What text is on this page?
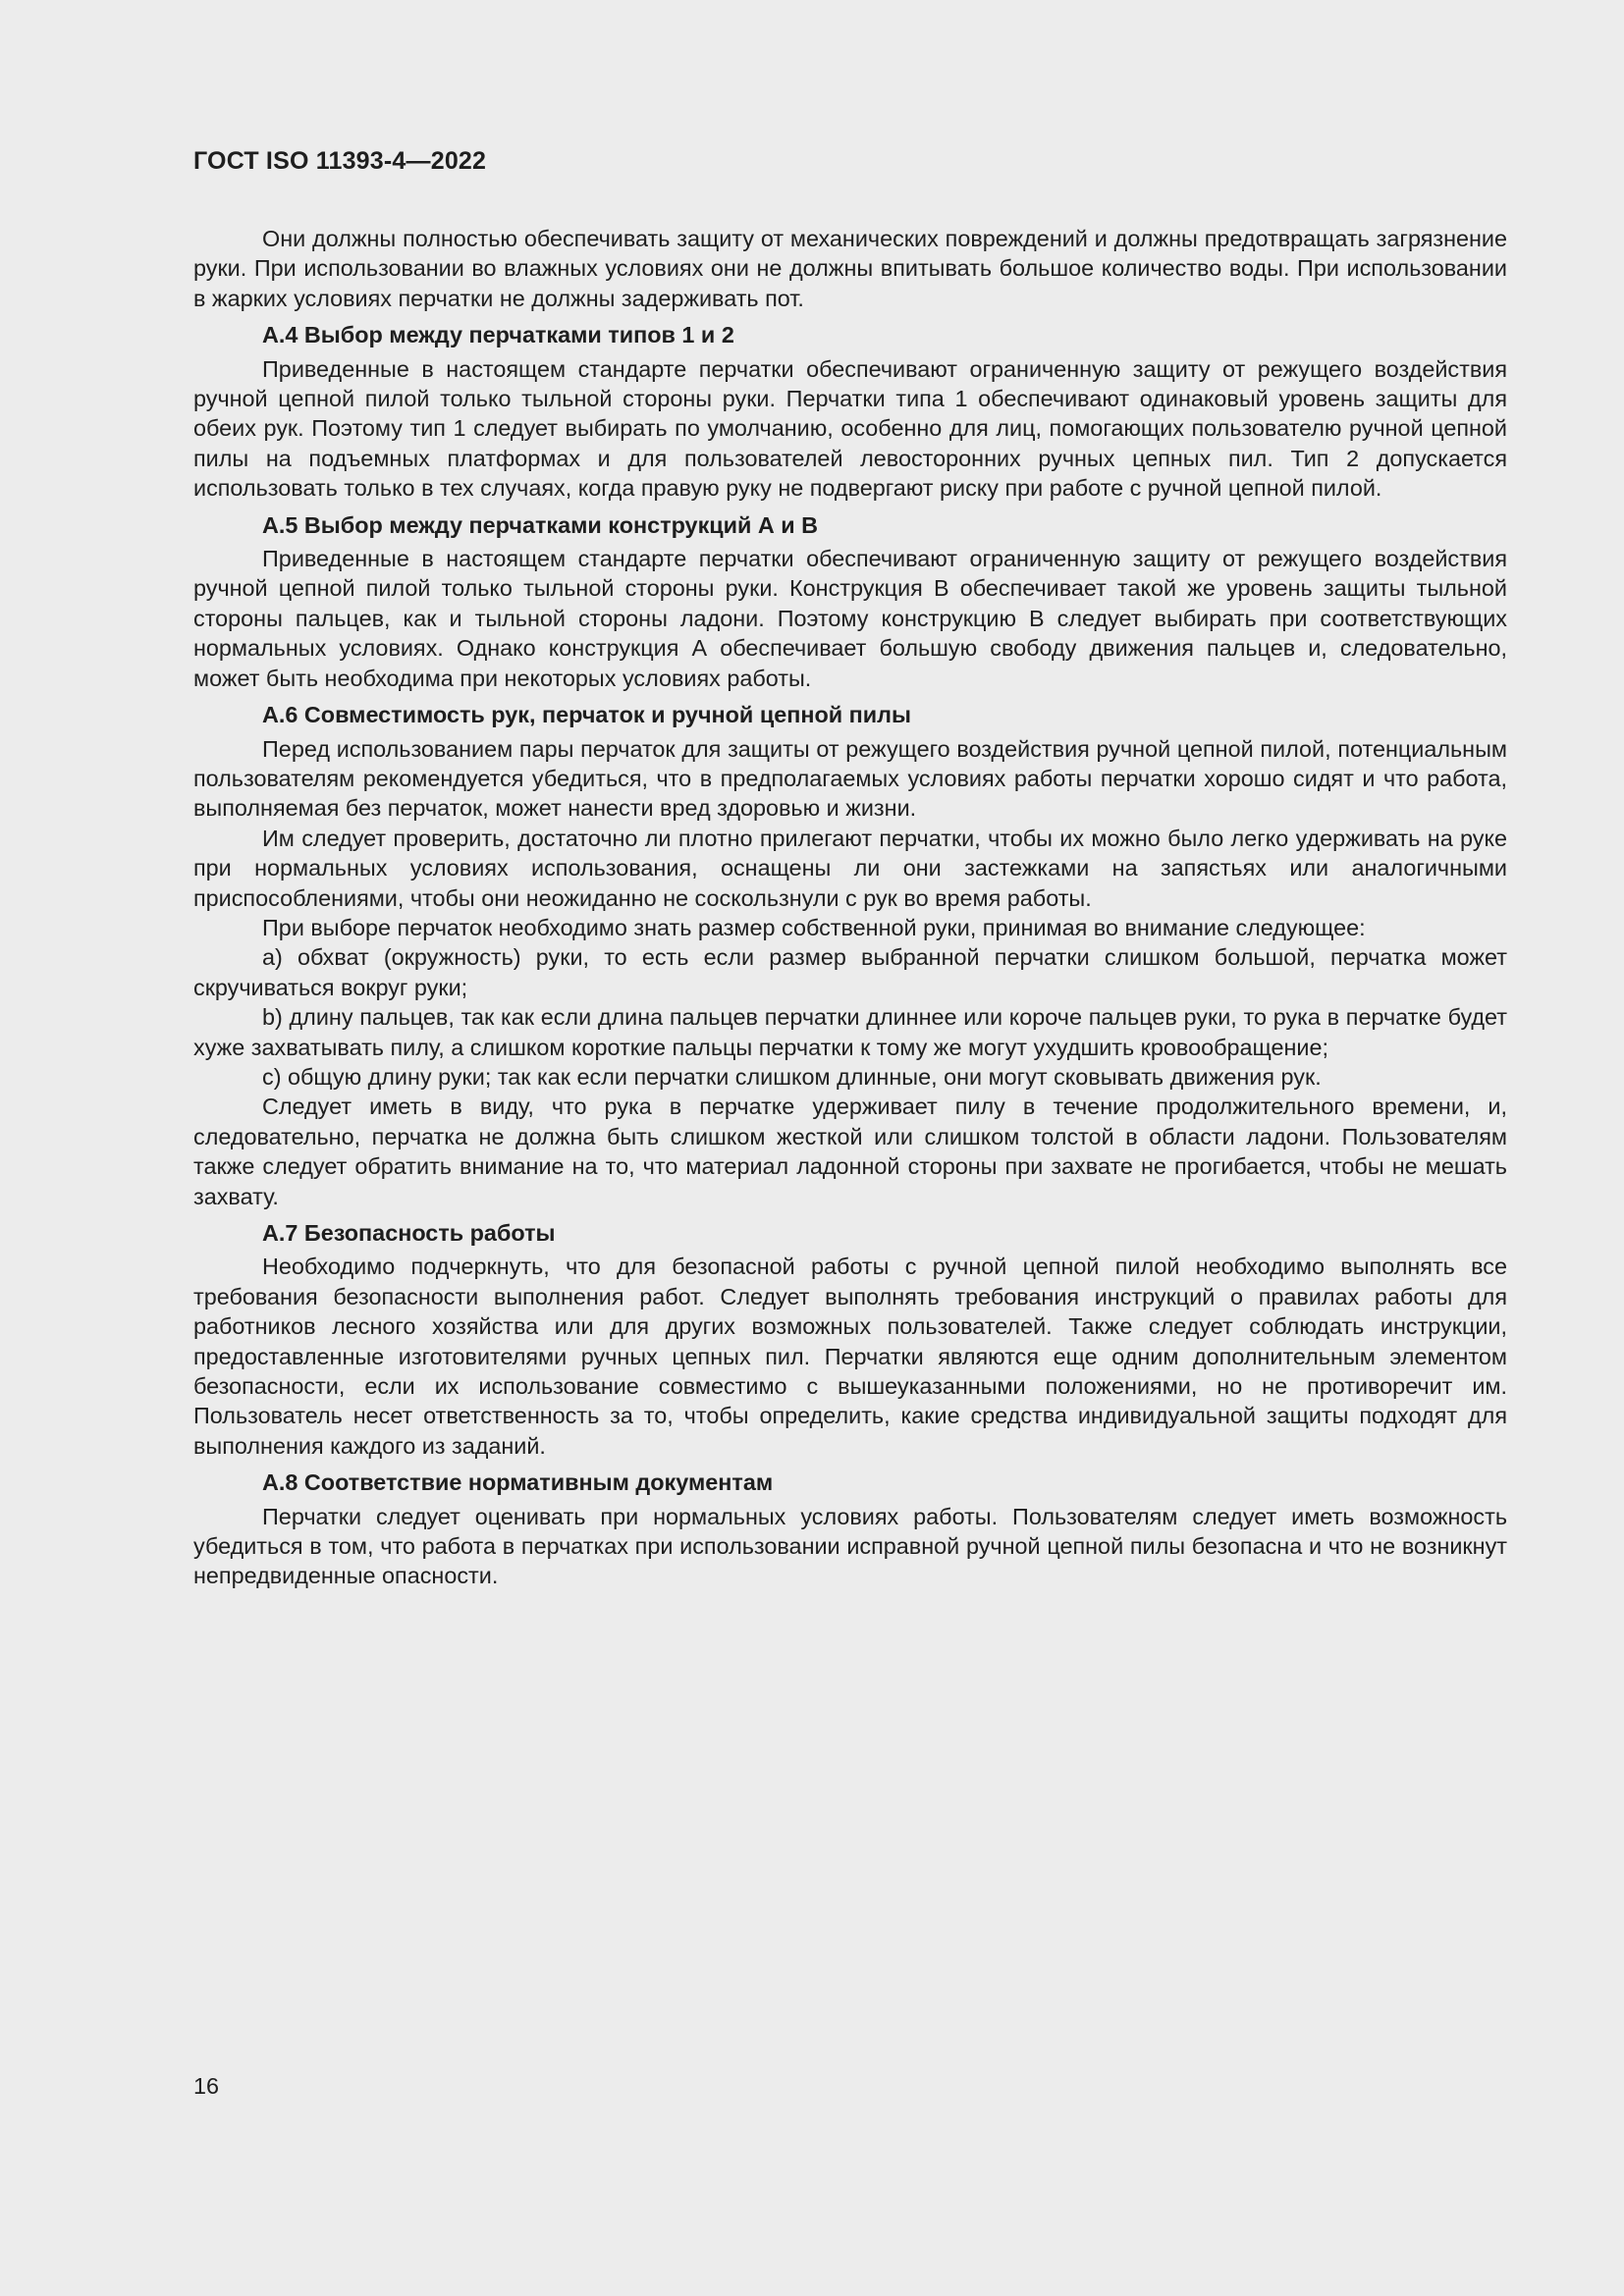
ГОСТ ISO 11393-4—2022

Они должны полностью обеспечивать защиту от механических повреждений и должны предотвращать загрязнение руки. При использовании во влажных условиях они не должны впитывать большое количество воды. При использовании в жарких условиях перчатки не должны задерживать пот.

A.4 Выбор между перчатками типов 1 и 2

Приведенные в настоящем стандарте перчатки обеспечивают ограниченную защиту от режущего воздействия ручной цепной пилой только тыльной стороны руки. Перчатки типа 1 обеспечивают одинаковый уровень защиты для обеих рук. Поэтому тип 1 следует выбирать по умолчанию, особенно для лиц, помогающих пользователю ручной цепной пилы на подъемных платформах и для пользователей левосторонних ручных цепных пил. Тип 2 допускается использовать только в тех случаях, когда правую руку не подвергают риску при работе с ручной цепной пилой.

A.5 Выбор между перчатками конструкций А и В

Приведенные в настоящем стандарте перчатки обеспечивают ограниченную защиту от режущего воздействия ручной цепной пилой только тыльной стороны руки. Конструкция В обеспечивает такой же уровень защиты тыльной стороны пальцев, как и тыльной стороны ладони. Поэтому конструкцию В следует выбирать при соответствующих нормальных условиях. Однако конструкция А обеспечивает большую свободу движения пальцев и, следовательно, может быть необходима при некоторых условиях работы.

A.6 Совместимость рук, перчаток и ручной цепной пилы

Перед использованием пары перчаток для защиты от режущего воздействия ручной цепной пилой, потенциальным пользователям рекомендуется убедиться, что в предполагаемых условиях работы перчатки хорошо сидят и что работа, выполняемая без перчаток, может нанести вред здоровью и жизни.

Им следует проверить, достаточно ли плотно прилегают перчатки, чтобы их можно было легко удерживать на руке при нормальных условиях использования, оснащены ли они застежками на запястьях или аналогичными приспособлениями, чтобы они неожиданно не соскользнули с рук во время работы.

При выборе перчаток необходимо знать размер собственной руки, принимая во внимание следующее:

a) обхват (окружность) руки, то есть если размер выбранной перчатки слишком большой, перчатка может скручиваться вокруг руки;

b) длину пальцев, так как если длина пальцев перчатки длиннее или короче пальцев руки, то рука в перчатке будет хуже захватывать пилу, а слишком короткие пальцы перчатки к тому же могут ухудшить кровообращение;

c) общую длину руки; так как если перчатки слишком длинные, они могут сковывать движения рук.

Следует иметь в виду, что рука в перчатке удерживает пилу в течение продолжительного времени, и, следовательно, перчатка не должна быть слишком жесткой или слишком толстой в области ладони. Пользователям также следует обратить внимание на то, что материал ладонной стороны при захвате не прогибается, чтобы не мешать захвату.

A.7 Безопасность работы

Необходимо подчеркнуть, что для безопасной работы с ручной цепной пилой необходимо выполнять все требования безопасности выполнения работ. Следует выполнять требования инструкций о правилах работы для работников лесного хозяйства или для других возможных пользователей. Также следует соблюдать инструкции, предоставленные изготовителями ручных цепных пил. Перчатки являются еще одним дополнительным элементом безопасности, если их использование совместимо с вышеуказанными положениями, но не противоречит им. Пользователь несет ответственность за то, чтобы определить, какие средства индивидуальной защиты подходят для выполнения каждого из заданий.

A.8 Соответствие нормативным документам

Перчатки следует оценивать при нормальных условиях работы. Пользователям следует иметь возможность убедиться в том, что работа в перчатках при использовании исправной ручной цепной пилы безопасна и что не возникнут непредвиденные опасности.

16
